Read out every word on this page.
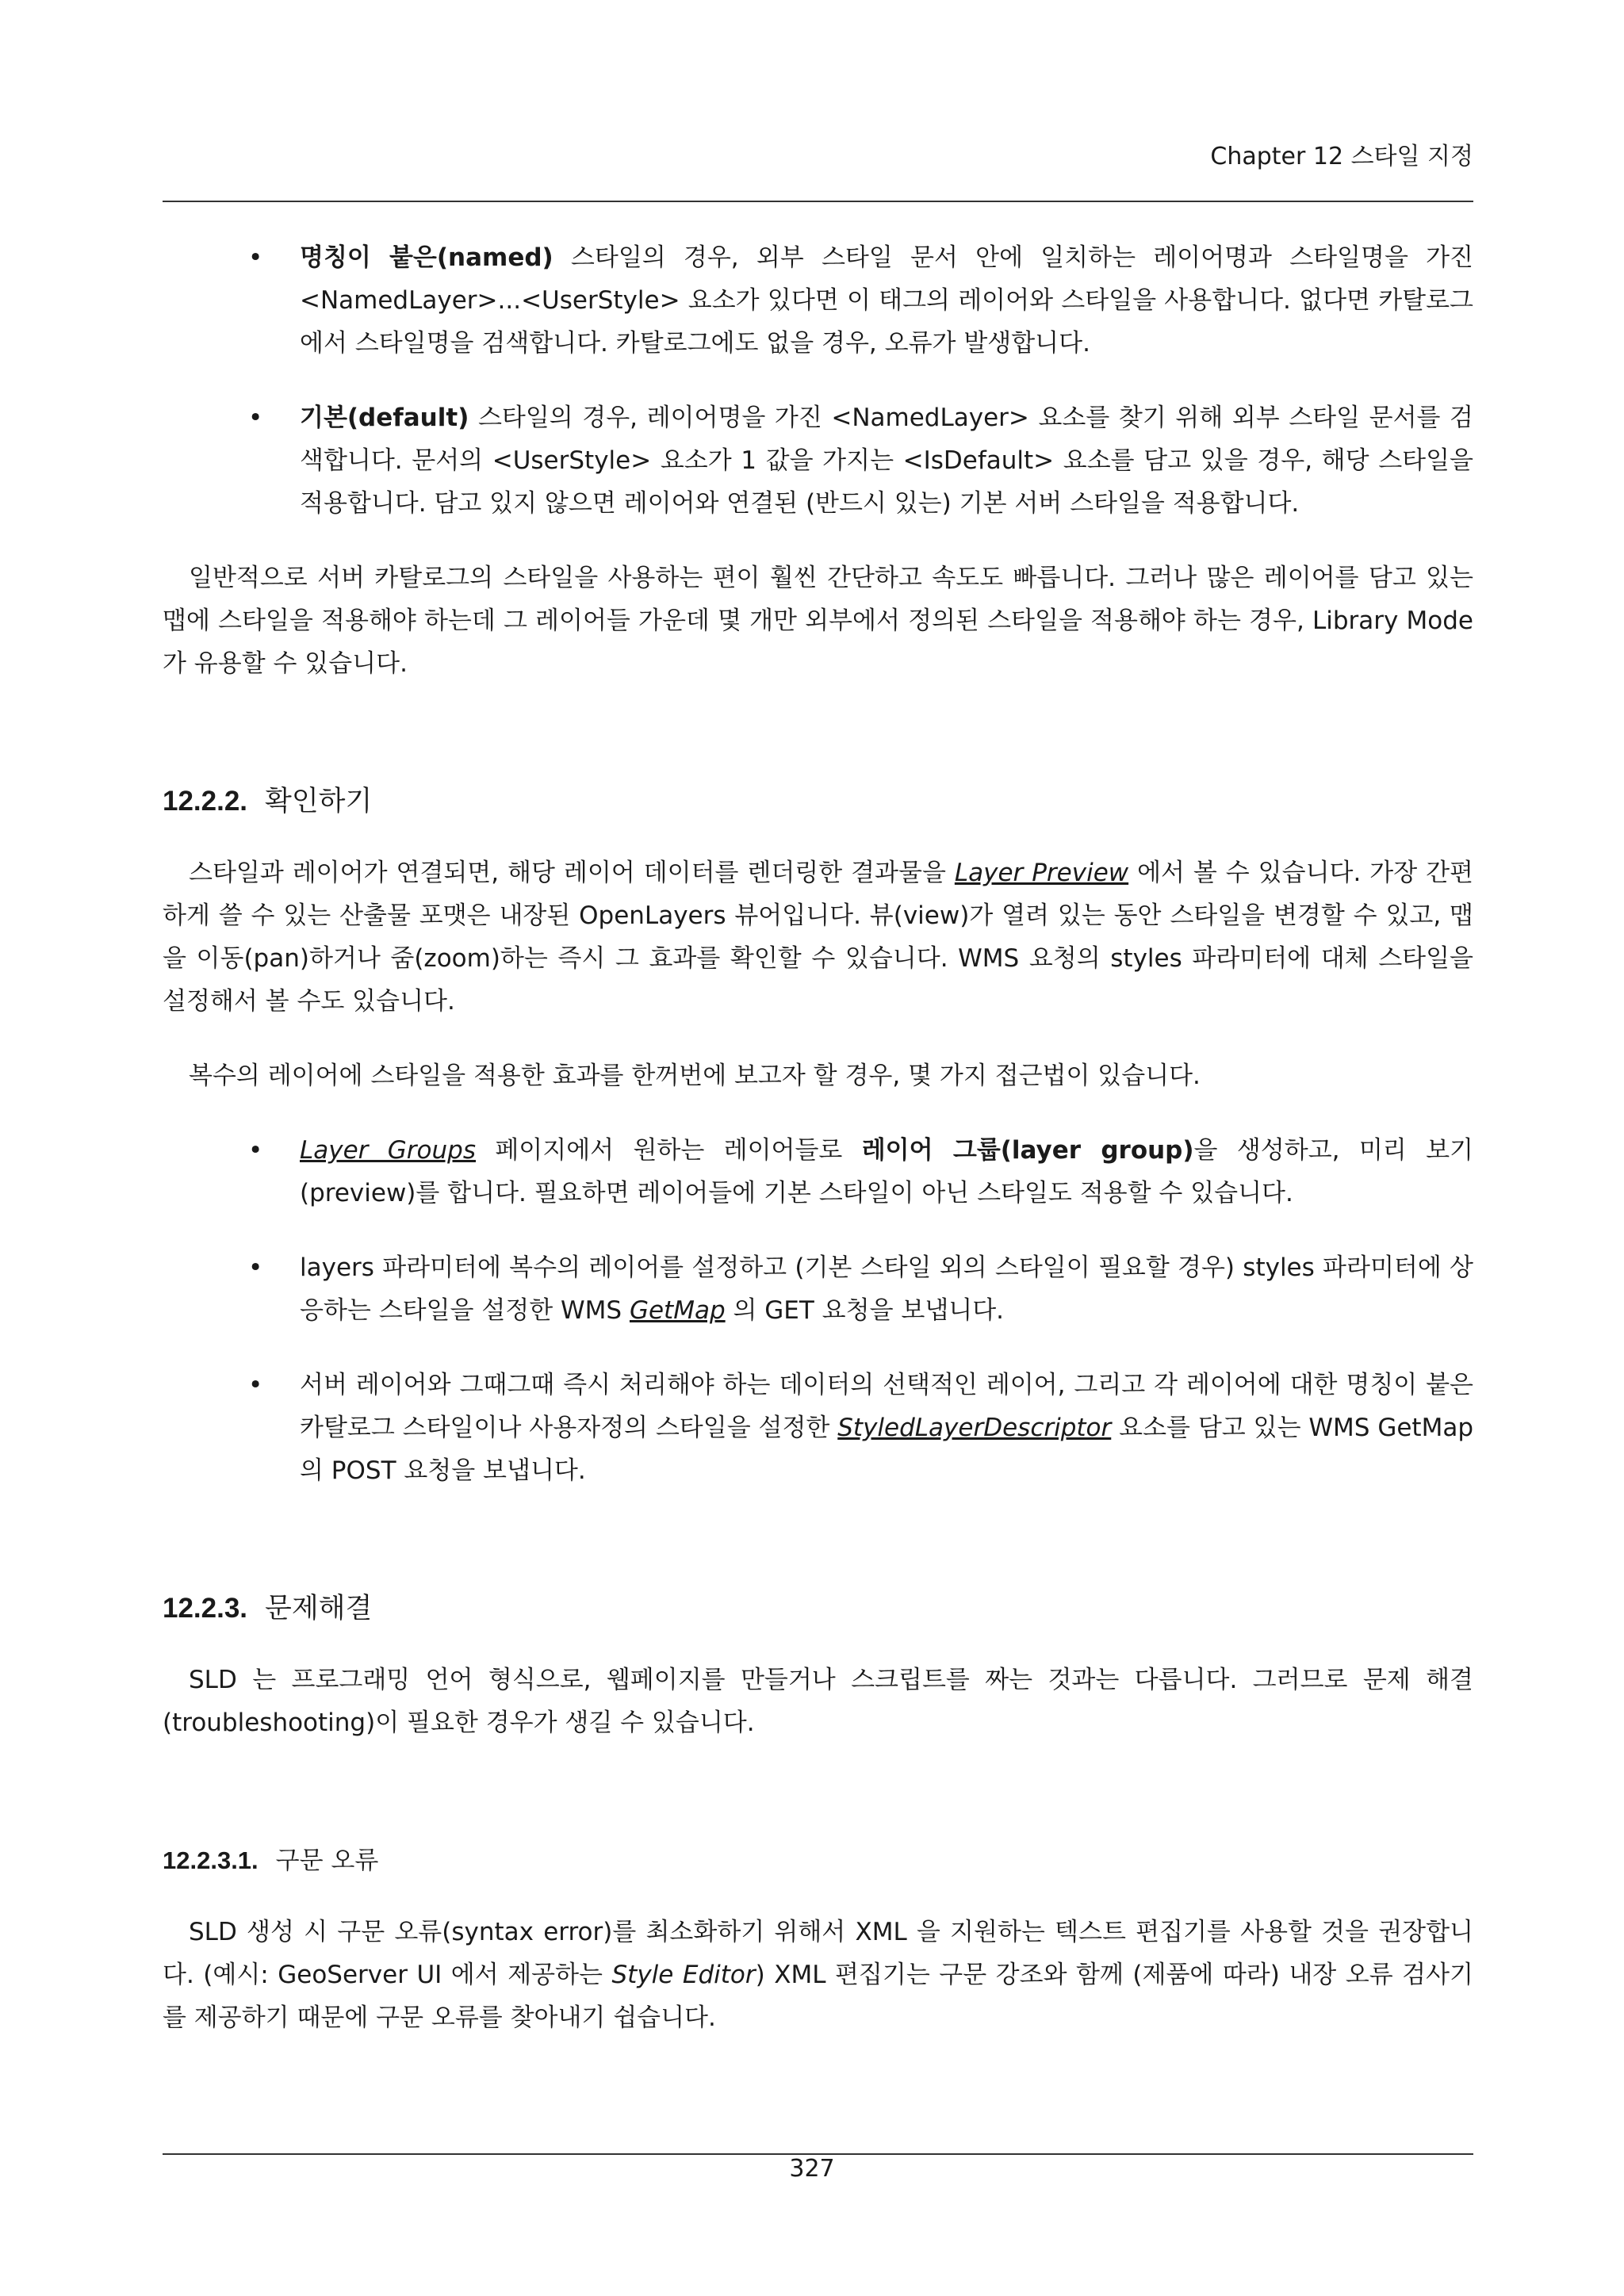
Chapter 12 스타일 지정
• 명칭이 붙은(named) 스타일의 경우, 외부 스타일 문서 안에 일치하는 레이어명과 스타일명을 가진 <NamedLayer>...<UserStyle> 요소가 있다면 이 태그의 레이어와 스타일을 사용합니다. 없다면 카탈로그에서 스타일명을 검색합니다. 카탈로그에도 없을 경우, 오류가 발생합니다.

• 기본(default) 스타일의 경우, 레이어명을 가진 <NamedLayer> 요소를 찾기 위해 외부 스타일 문서를 검색합니다. 문서의 <UserStyle> 요소가 1 값을 가지는 <IsDefault> 요소를 담고 있을 경우, 해당 스타일을 적용합니다. 담고 있지 않으면 레이어와 연결된 (반드시 있는) 기본 서버 스타일을 적용합니다.

일반적으로 서버 카탈로그의 스타일을 사용하는 편이 훨씬 간단하고 속도도 빠릅니다. 그러나 많은 레이어를 담고 있는 맵에 스타일을 적용해야 하는데 그 레이어들 가운데 몇 개만 외부에서 정의된 스타일을 적용해야 하는 경우, Library Mode 가 유용할 수 있습니다.

12.2.2. 확인하기

스타일과 레이어가 연결되면, 해당 레이어 데이터를 렌더링한 결과물을 Layer Preview 에서 볼 수 있습니다. 가장 간편하게 쓸 수 있는 산출물 포맷은 내장된 OpenLayers 뷰어입니다. 뷰(view)가 열려 있는 동안 스타일을 변경할 수 있고, 맵을 이동(pan)하거나 줌(zoom)하는 즉시 그 효과를 확인할 수 있습니다. WMS 요청의 styles 파라미터에 대체 스타일을 설정해서 볼 수도 있습니다.

복수의 레이어에 스타일을 적용한 효과를 한꺼번에 보고자 할 경우, 몇 가지 접근법이 있습니다.

• Layer Groups 페이지에서 원하는 레이어들로 레이어 그룹(layer group)을 생성하고, 미리 보기(preview)를 합니다. 필요하면 레이어들에 기본 스타일이 아닌 스타일도 적용할 수 있습니다.

• layers 파라미터에 복수의 레이어를 설정하고 (기본 스타일 외의 스타일이 필요할 경우) styles 파라미터에 상응하는 스타일을 설정한 WMS GetMap 의 GET 요청을 보냅니다.

• 서버 레이어와 그때그때 즉시 처리해야 하는 데이터의 선택적인 레이어, 그리고 각 레이어에 대한 명칭이 붙은 카탈로그 스타일이나 사용자정의 스타일을 설정한 StyledLayerDescriptor 요소를 담고 있는 WMS GetMap 의 POST 요청을 보냅니다.

12.2.3. 문제해결

SLD 는 프로그래밍 언어 형식으로, 웹페이지를 만들거나 스크립트를 짜는 것과는 다릅니다. 그러므로 문제 해결(troubleshooting)이 필요한 경우가 생길 수 있습니다.

12.2.3.1. 구문 오류

SLD 생성 시 구문 오류(syntax error)를 최소화하기 위해서 XML 을 지원하는 텍스트 편집기를 사용할 것을 권장합니다. (예시: GeoServer UI 에서 제공하는 Style Editor) XML 편집기는 구문 강조와 함께 (제품에 따라) 내장 오류 검사기를 제공하기 때문에 구문 오류를 찾아내기 쉽습니다.

327
